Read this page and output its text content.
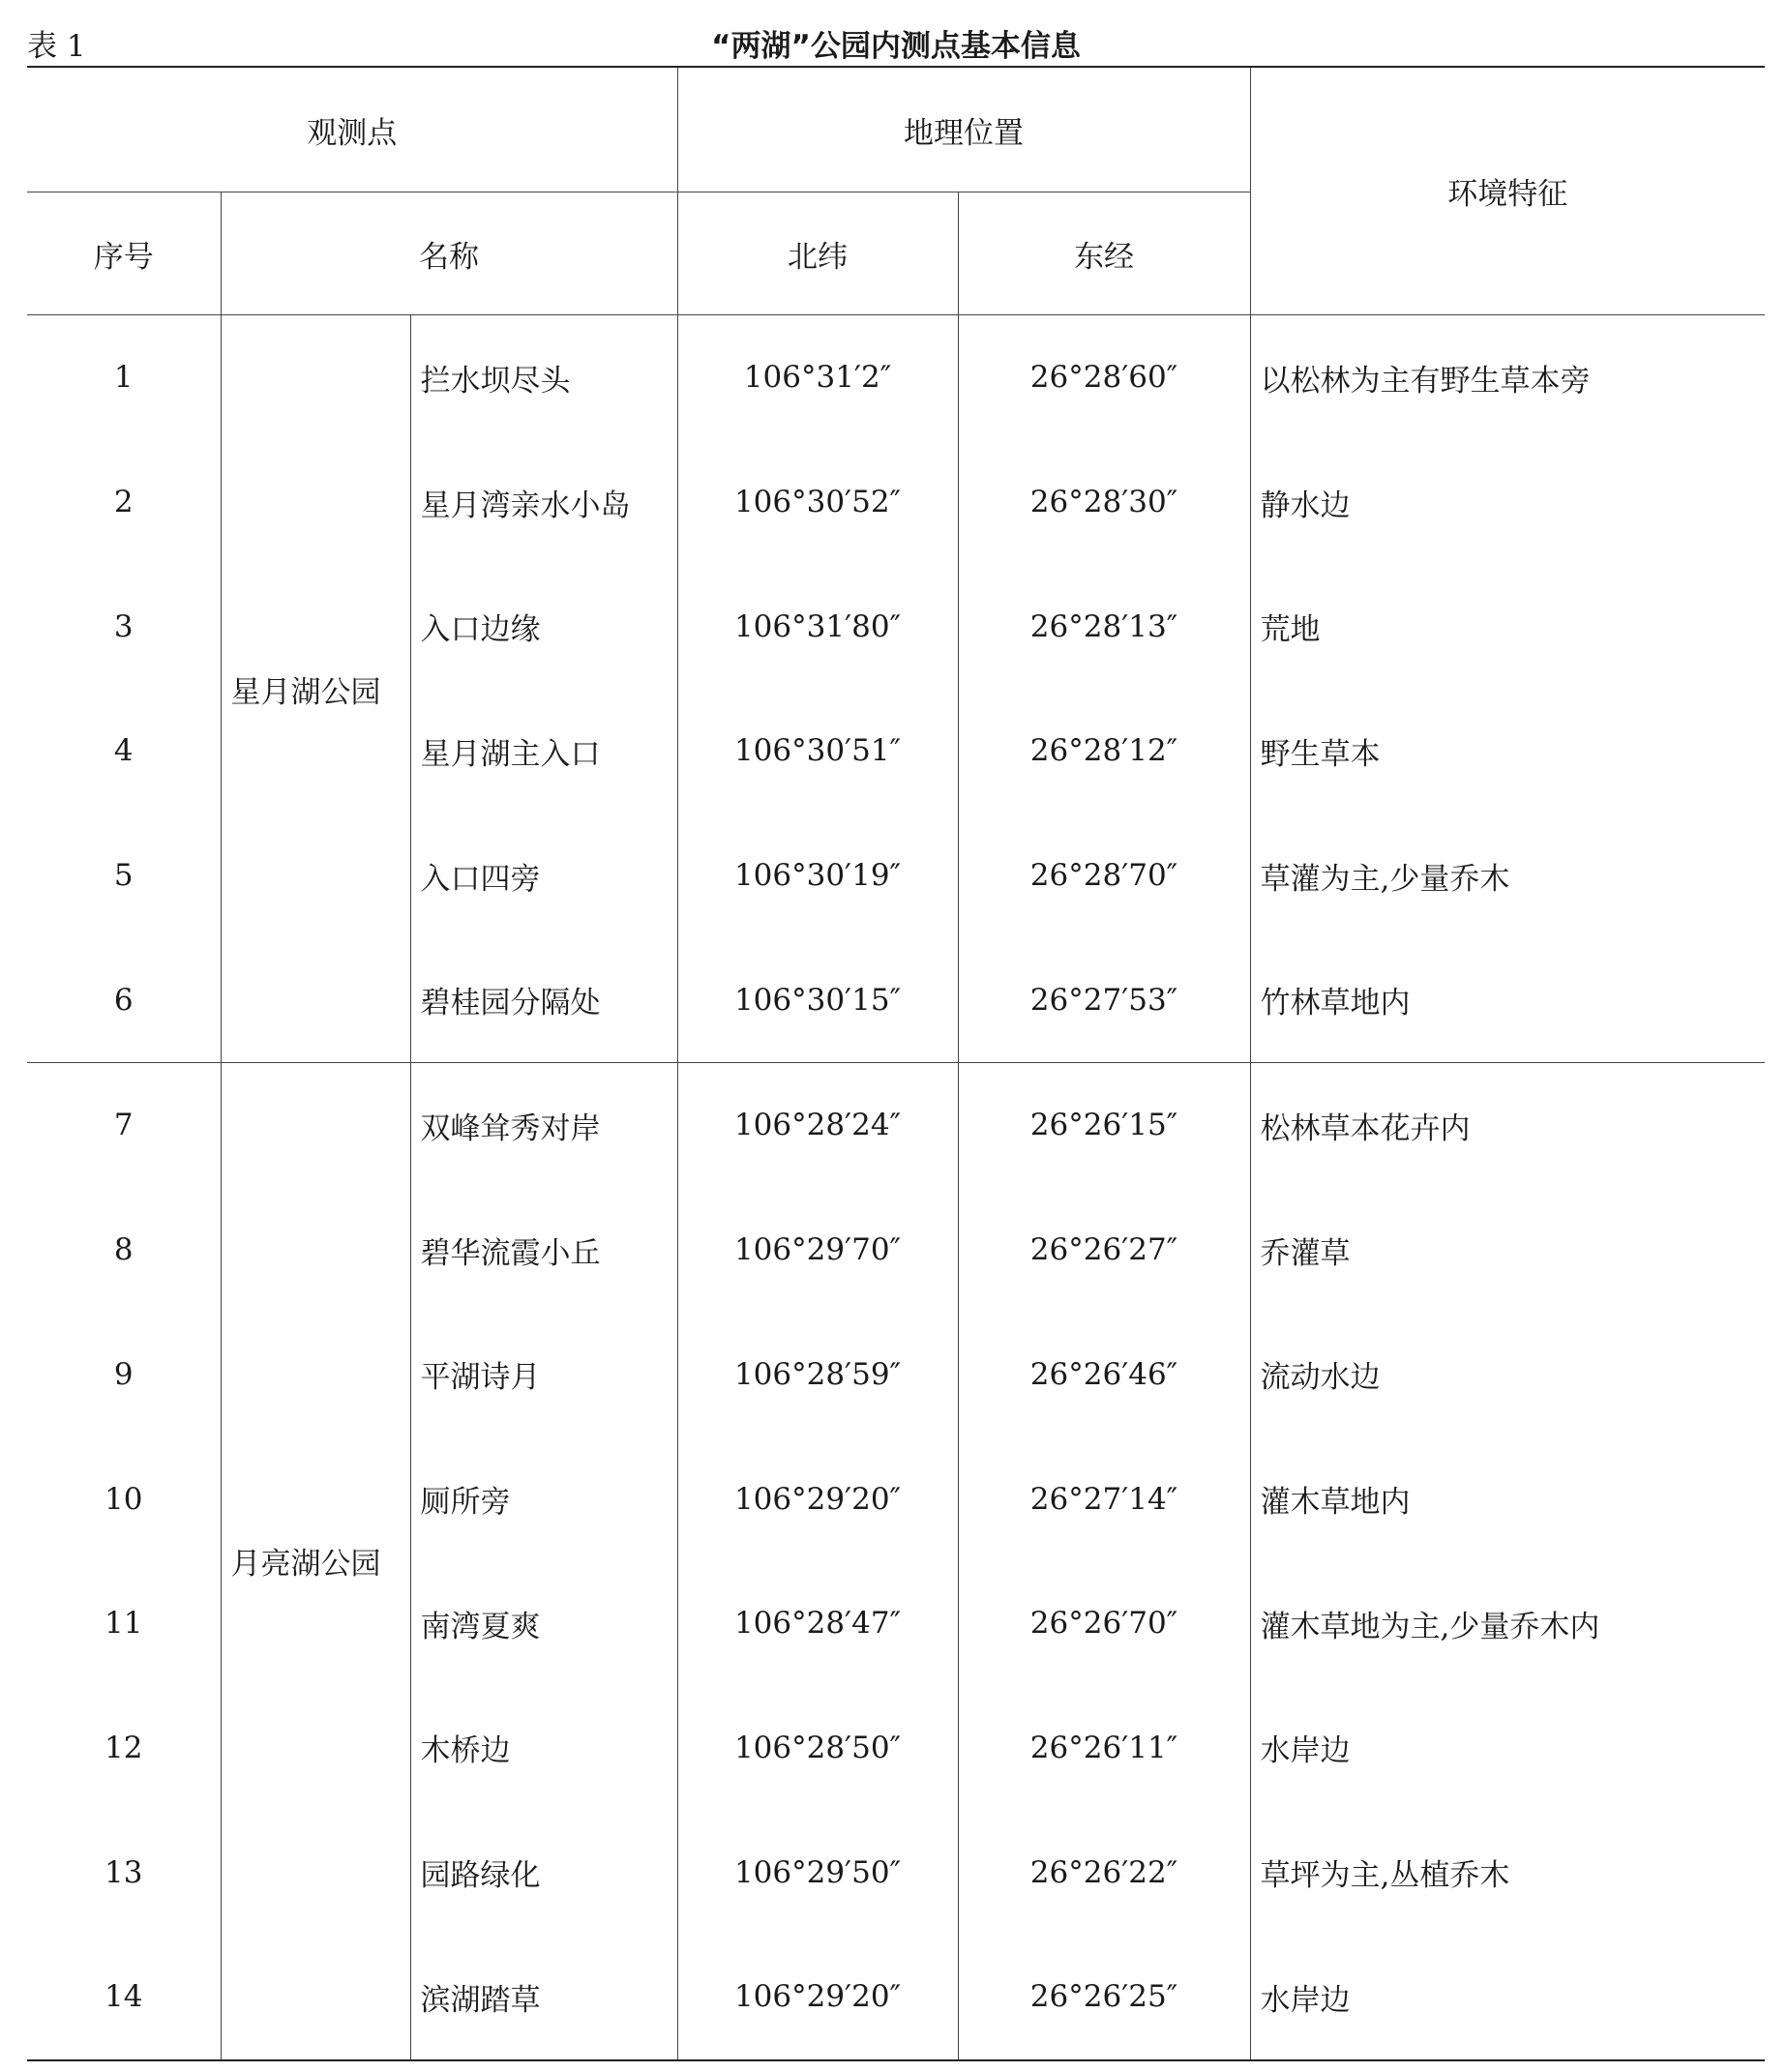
表 1	“两湖”公园内测点基本信息
观测点			地理位置		环境特征
序号	名称		北纬	东经	
1	星月湖公园	拦水坝尽头	106°31′2″	26°28′60″	以松林为主有野生草本旁
2		星月湾亲水小岛	106°30′52″	26°28′30″	静水边
3		入口边缘	106°31′80″	26°28′13″	荒地
4		星月湖主入口	106°30′51″	26°28′12″	野生草本
5		入口四旁	106°30′19″	26°28′70″	草灌为主,少量乔木
6		碧桂园分隔处	106°30′15″	26°27′53″	竹林草地内
7	月亮湖公园	双峰耸秀对岸	106°28′24″	26°26′15″	松林草本花卉内
8		碧华流霞小丘	106°29′70″	26°26′27″	乔灌草
9		平湖诗月	106°28′59″	26°26′46″	流动水边
10		厕所旁	106°29′20″	26°27′14″	灌木草地内
11		南湾夏爽	106°28′47″	26°26′70″	灌木草地为主,少量乔木内
12		木桥边	106°28′50″	26°26′11″	水岸边
13		园路绿化	106°29′50″	26°26′22″	草坪为主,丛植乔木
14		滨湖踏草	106°29′20″	26°26′25″	水岸边
